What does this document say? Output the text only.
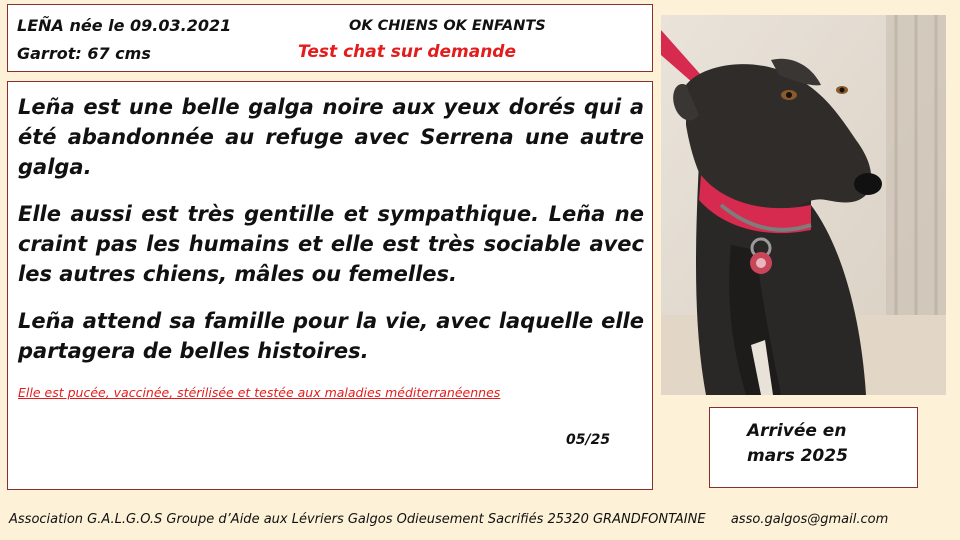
LEÑA née le 09.03.2021	OK CHIENS OK ENFANTS
Garrot: 67 cms	Test chat sur demande

Leña est une belle galga noire aux yeux dorés qui a été abandonnée au refuge avec Serrena une autre galga.

Elle aussi est très gentille et sympathique. Leña ne craint pas les humains et elle est très sociable avec les autres chiens, mâles ou femelles.

Leña attend sa famille pour la vie, avec laquelle elle partagera de belles histoires.

Elle est pucée, vaccinée, stérilisée et testée aux maladies méditerranéennes

05/25	Arrivée en
mars 2025
Association G.A.L.G.O.S Groupe d’Aide aux Lévriers Galgos Odieusement Sacrifiés 25320 GRANDFONTAINE asso.galgos@gmail.com
